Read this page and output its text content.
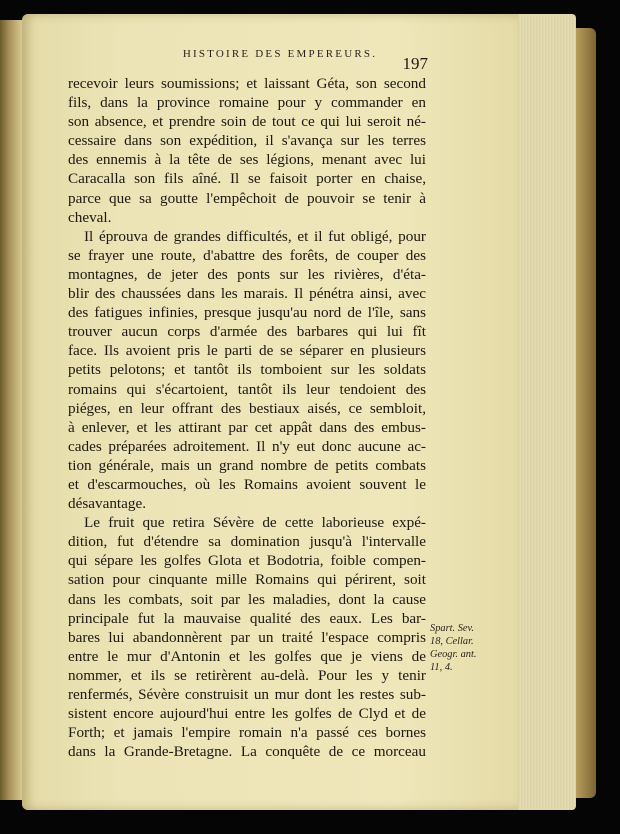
HISTOIRE DES EMPEREURS.	197
recevoir leurs soumissions; et laissant Géta, son second
fils, dans la province romaine pour y commander en
son absence, et prendre soin de tout ce qui lui seroit né-
cessaire dans son expédition, il s'avança sur les terres
des ennemis à la tête de ses légions, menant avec lui
Caracalla son fils aîné. Il se faisoit porter en chaise,
parce que sa goutte l'empêchoit de pouvoir se tenir à
cheval.
Il éprouva de grandes difficultés, et il fut obligé, pour
se frayer une route, d'abattre des forêts, de couper des
montagnes, de jeter des ponts sur les rivières, d'éta-
blir des chaussées dans les marais. Il pénétra ainsi, avec
des fatigues infinies, presque jusqu'au nord de l'île, sans
trouver aucun corps d'armée des barbares qui lui fît
face. Ils avoient pris le parti de se séparer en plusieurs
petits pelotons; et tantôt ils tomboient sur les soldats
romains qui s'écartoient, tantôt ils leur tendoient des
piéges, en leur offrant des bestiaux aisés, ce sembloit,
à enlever, et les attirant par cet appât dans des embus-
cades préparées adroitement. Il n'y eut donc aucune ac-
tion générale, mais un grand nombre de petits combats
et d'escarmouches, où les Romains avoient souvent le
désavantage.
Le fruit que retira Sévère de cette laborieuse expé-
dition, fut d'étendre sa domination jusqu'à l'intervalle
qui sépare les golfes Glota et Bodotria, foible compen-
sation pour cinquante mille Romains qui périrent, soit
dans les combats, soit par les maladies, dont la cause
principale fut la mauvaise qualité des eaux. Les bar-
bares lui abandonnèrent par un traité l'espace compris
entre le mur d'Antonin et les golfes que je viens de
nommer, et ils se retirèrent au-delà. Pour les y tenir
renfermés, Sévère construisit un mur dont les restes sub-
sistent encore aujourd'hui entre les golfes de Clyd et de
Forth; et jamais l'empire romain n'a passé ces bornes
dans la Grande-Bretagne. La conquête de ce morceau
Spart. Sev.
18, Cellar.
Geogr. ant.
11, 4.
